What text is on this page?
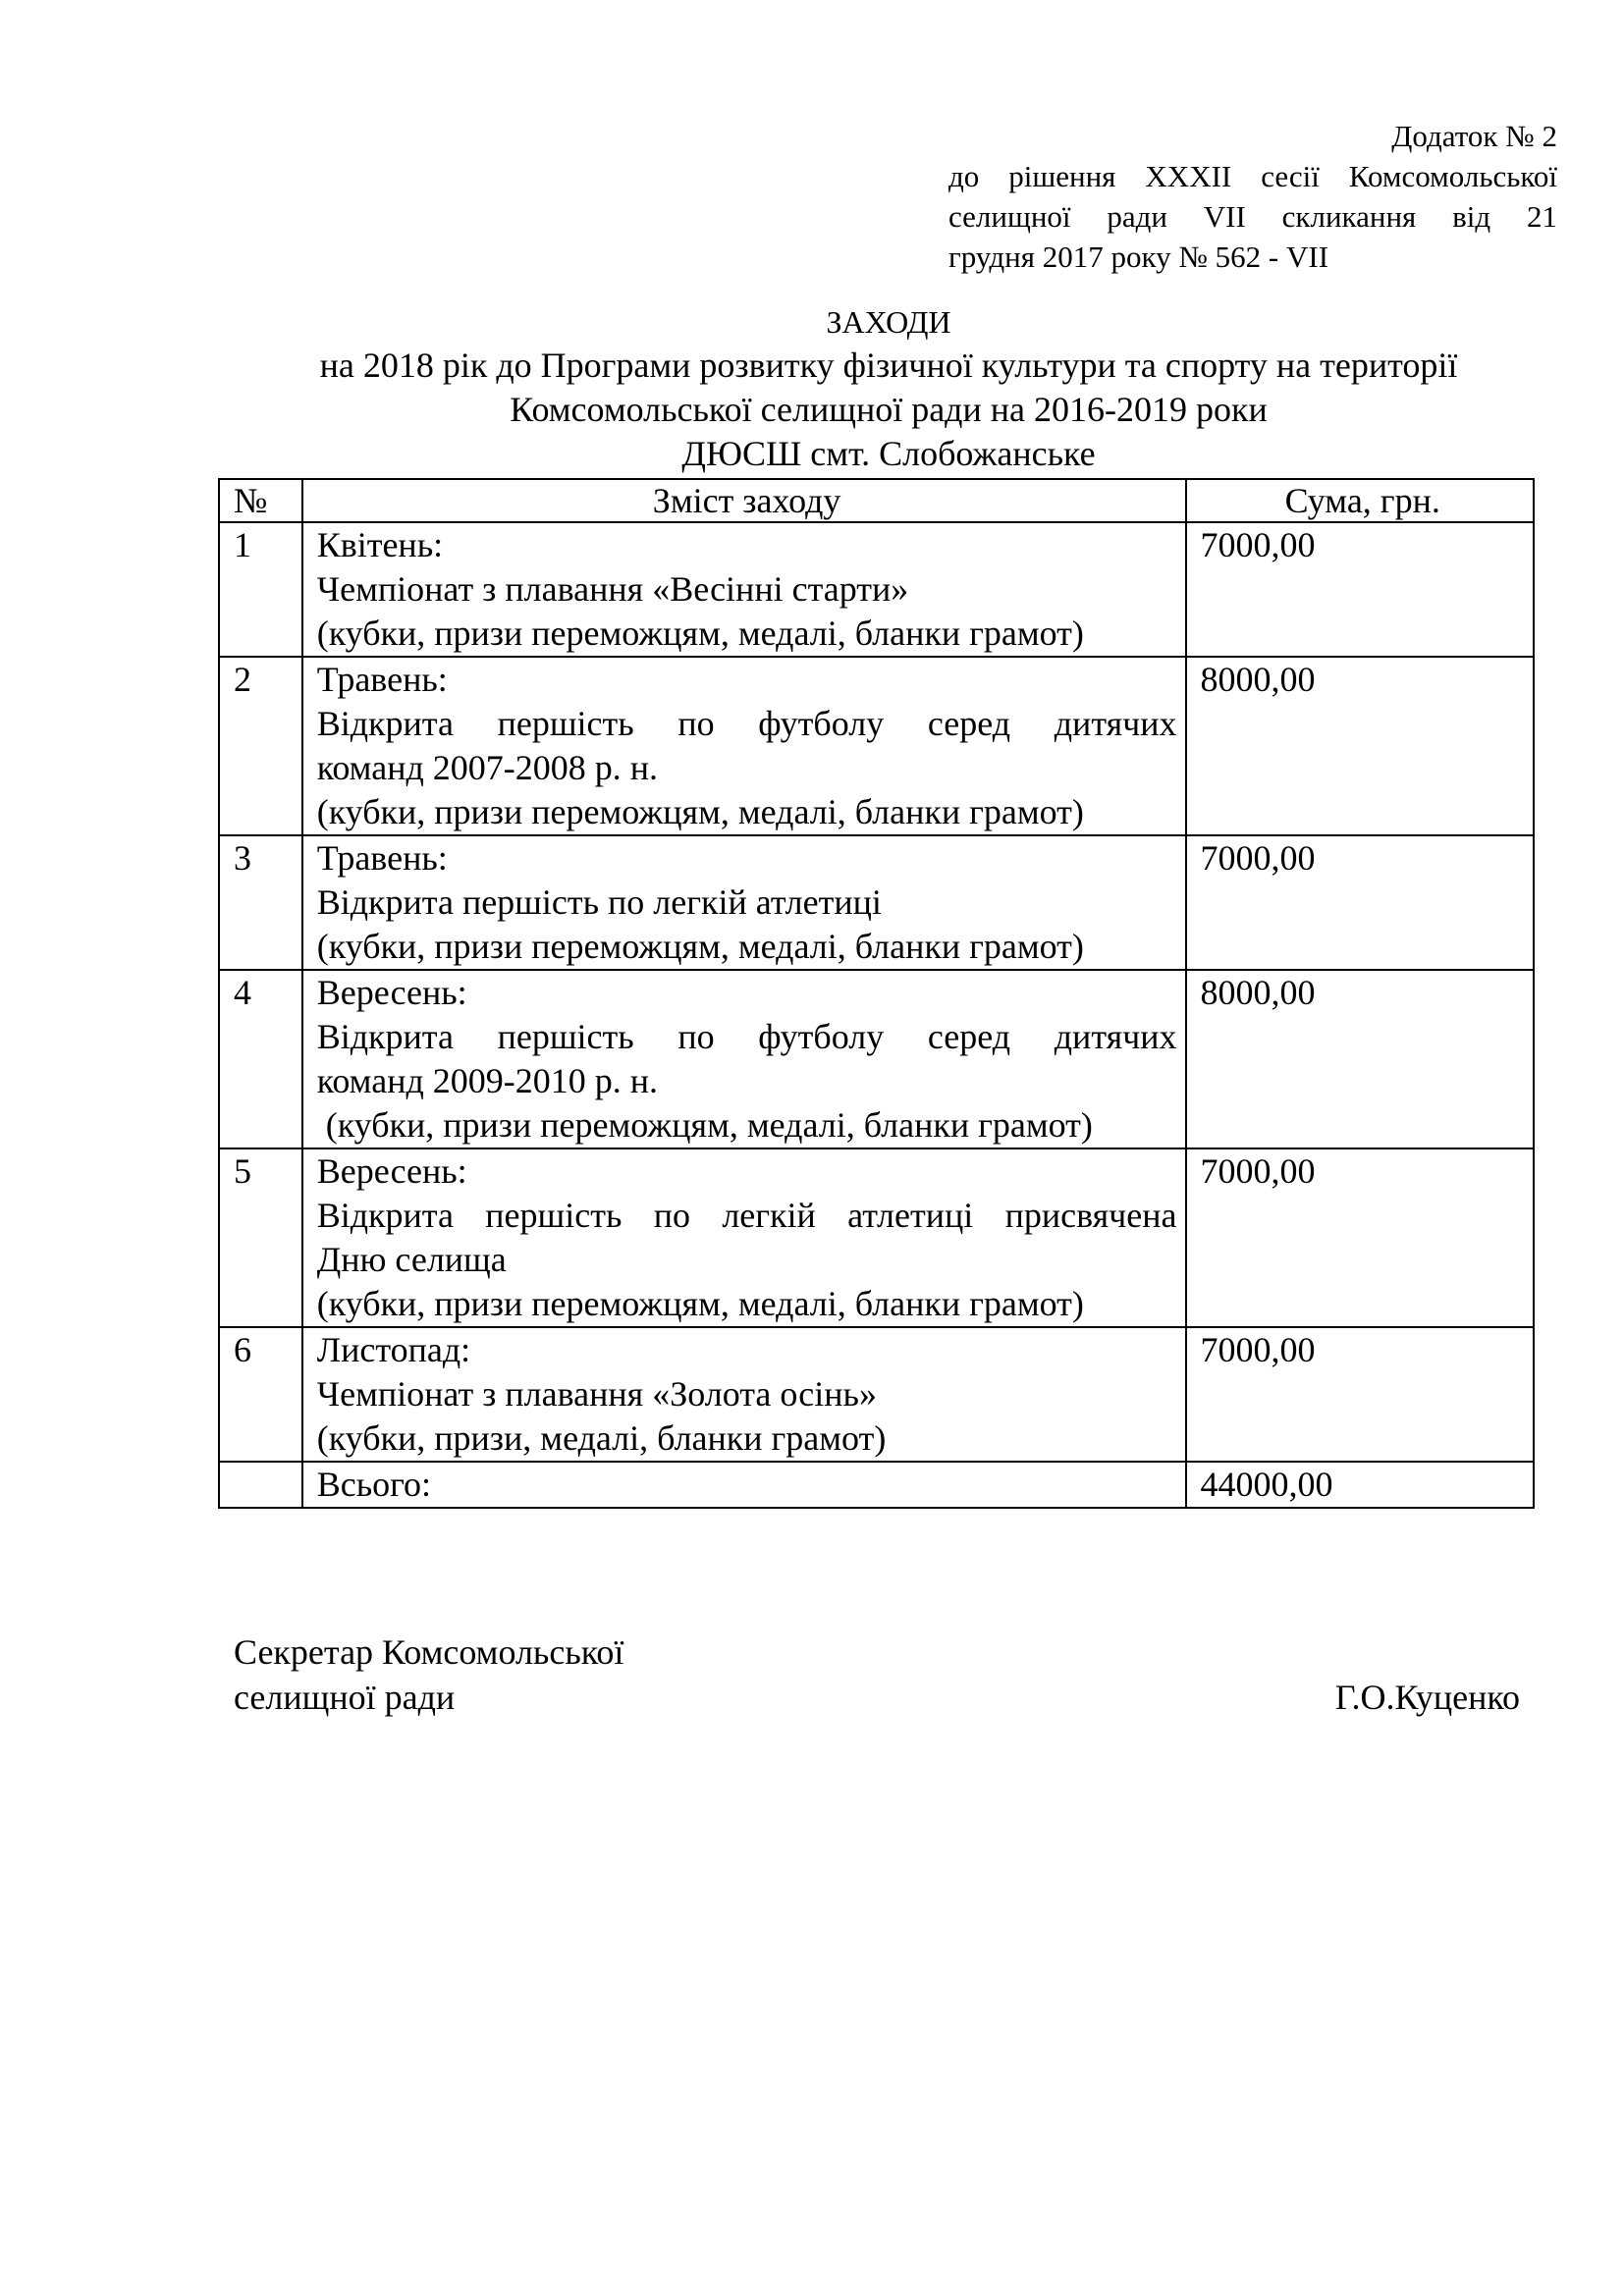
Додаток № 2
до рішення XXXII сесії Комсомольської
селищної ради VII скликання від 21
грудня 2017 року № 562 - VII
ЗАХОДИ
на 2018 рік до Програми розвитку фізичної культури та спорту на території
Комсомольської селищної ради на 2016-2019 роки
ДЮСШ смт. Слобожанське
№	Зміст заходу	Сума, грн.
1	Квітень:
Чемпіонат з плавання «Весінні старти»
(кубки, призи переможцям, медалі, бланки грамот)	7000,00
2	Травень:
Відкрита першість по футболу серед дитячих
команд 2007-2008 р. н.
(кубки, призи переможцям, медалі, бланки грамот)	8000,00
3	Травень:
Відкрита першість по легкій атлетиці
(кубки, призи переможцям, медалі, бланки грамот)	7000,00
4	Вересень:
Відкрита першість по футболу серед дитячих
команд 2009-2010 р. н.
(кубки, призи переможцям, медалі, бланки грамот)	8000,00
5	Вересень:
Відкрита першість по легкій атлетиці присвячена
Дню селища
(кубки, призи переможцям, медалі, бланки грамот)	7000,00
6	Листопад:
Чемпіонат з плавання «Золота осінь»
(кубки, призи, медалі, бланки грамот)	7000,00
	Всього:	44000,00
Секретар Комсомольської
селищної ради	Г.О.Куценко
